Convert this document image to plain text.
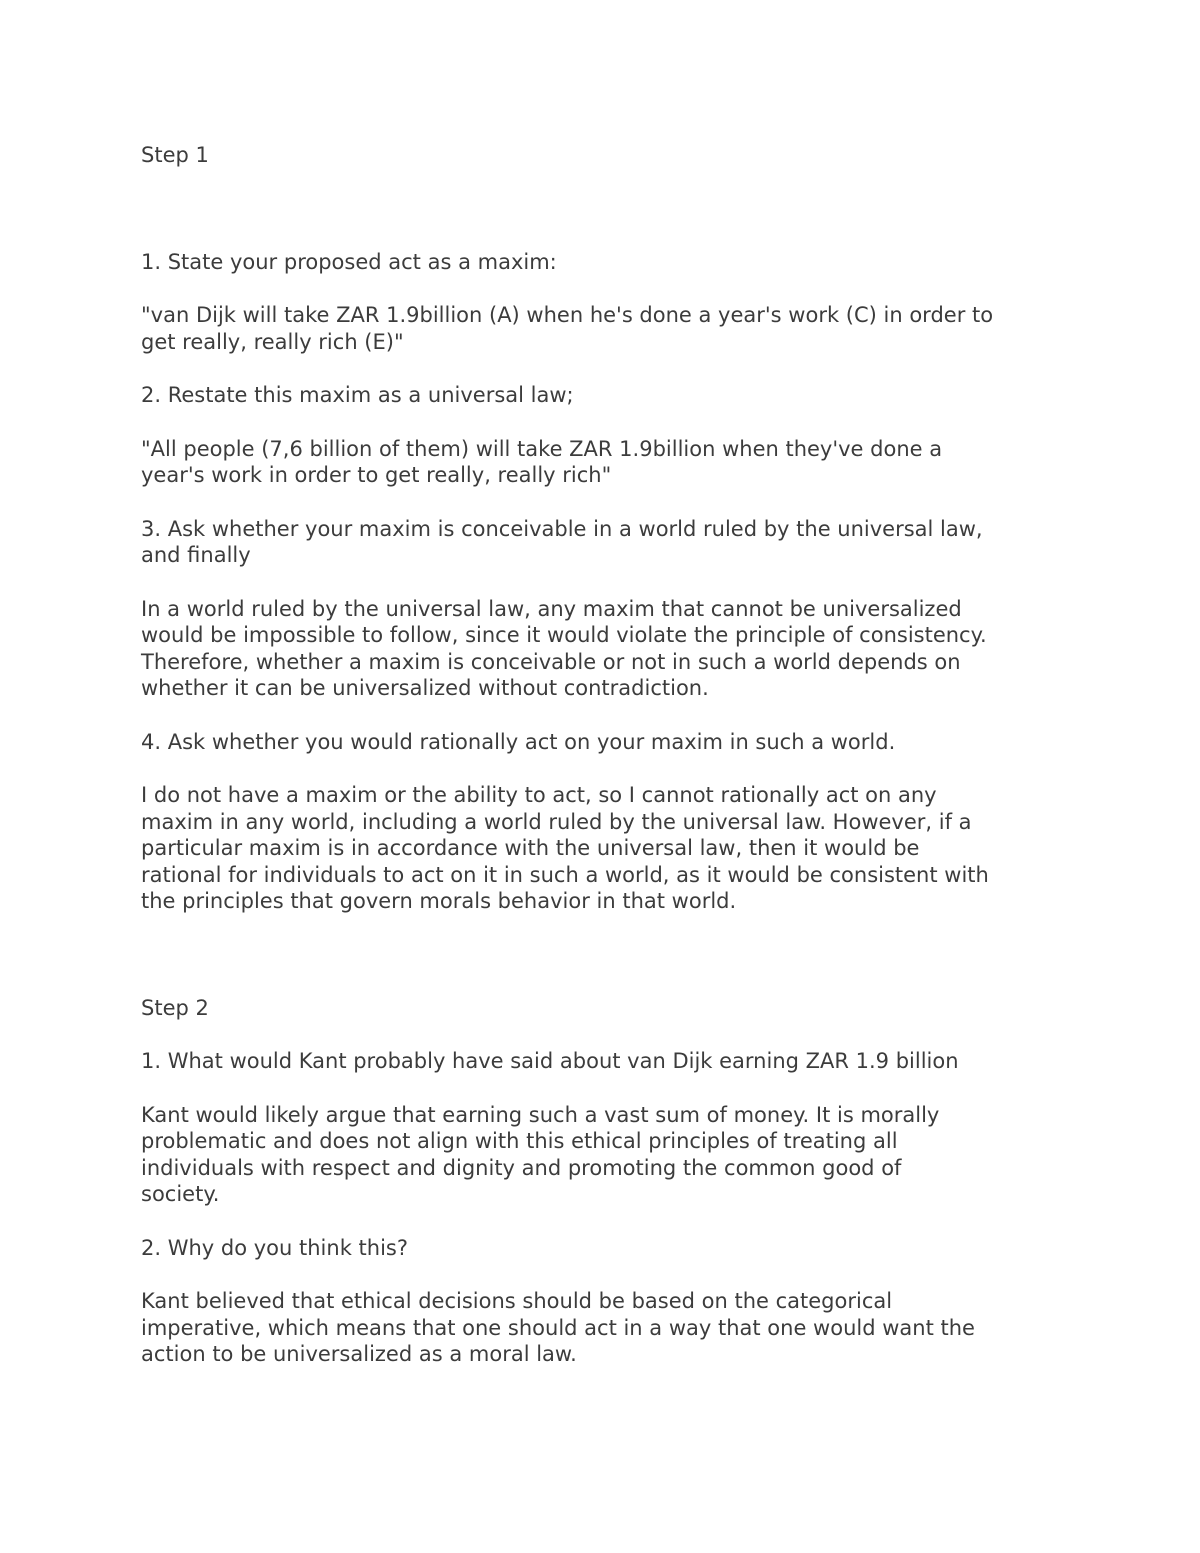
Step 1
1. State your proposed act as a maxim:
"van Dijk will take ZAR 1.9billion (A) when he's done a year's work (C) in order to
get really, really rich (E)"
2. Restate this maxim as a universal law;
"All people (7,6 billion of them) will take ZAR 1.9billion when they've done a
year's work in order to get really, really rich"
3. Ask whether your maxim is conceivable in a world ruled by the universal law,
and finally
In a world ruled by the universal law, any maxim that cannot be universalized
would be impossible to follow, since it would violate the principle of consistency.
Therefore, whether a maxim is conceivable or not in such a world depends on
whether it can be universalized without contradiction.
4. Ask whether you would rationally act on your maxim in such a world.
I do not have a maxim or the ability to act, so I cannot rationally act on any
maxim in any world, including a world ruled by the universal law. However, if a
particular maxim is in accordance with the universal law, then it would be
rational for individuals to act on it in such a world, as it would be consistent with
the principles that govern morals behavior in that world.
Step 2
1. What would Kant probably have said about van Dijk earning ZAR 1.9 billion
Kant would likely argue that earning such a vast sum of money. It is morally
problematic and does not align with this ethical principles of treating all
individuals with respect and dignity and promoting the common good of
society.
2. Why do you think this?
Kant believed that ethical decisions should be based on the categorical
imperative, which means that one should act in a way that one would want the
action to be universalized as a moral law.
